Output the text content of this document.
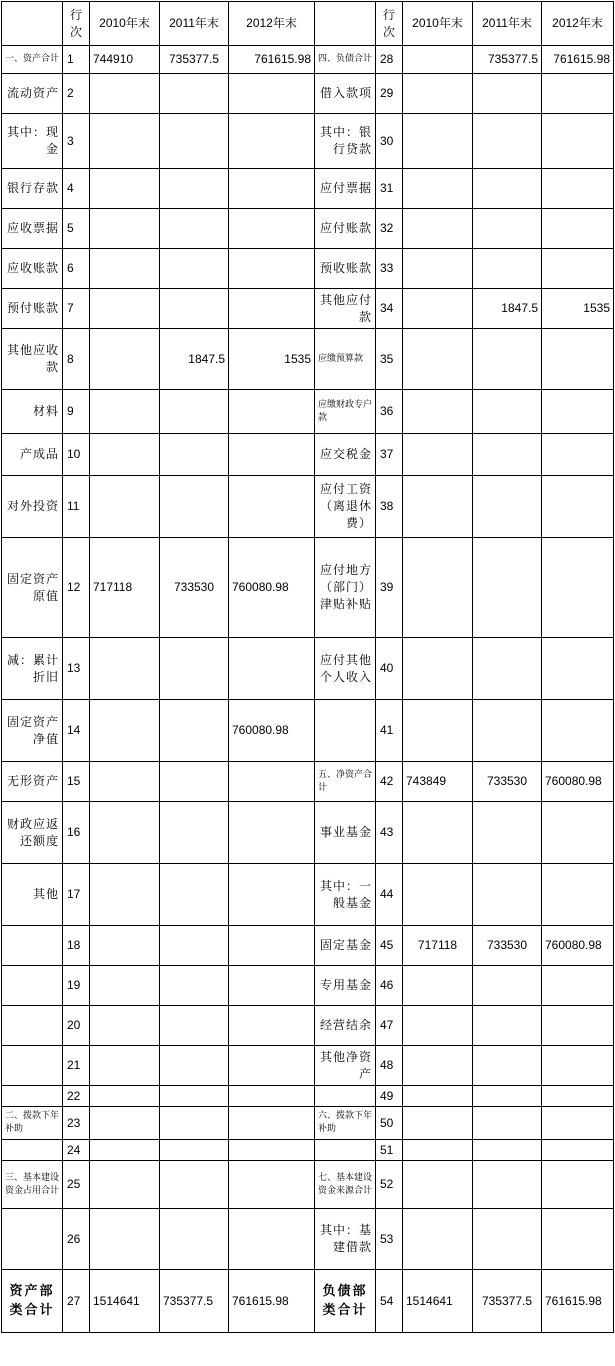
	行次	2010年末	2011年末	2012年末		行次	2010年末	2011年末	2012年末
一、资产合计	1	744910	735377.5	761615.98	四、负债合计	28		735377.5	761615.98
流动资产	2				借入款项	29			
其中：现金	3				其中：银行贷款	30			
银行存款	4				应付票据	31			
应收票据	5				应付账款	32			
应收账款	6				预收账款	33			
预付账款	7				其他应付款	34		1847.5	1535
其他应收款	8		1847.5	1535	应缴预算款	35			
材料	9				应缴财政专户款	36			
产成品	10				应交税金	37			
对外投资	11				应付工资（离退休费）	38			
固定资产原值	12	717118	733530	760080.98	应付地方（部门）津贴补贴	39			
减：累计折旧	13				应付其他个人收入	40			
固定资产净值	14			760080.98		41			
无形资产	15				五、净资产合计	42	743849	733530	760080.98
财政应返还额度	16				事业基金	43			
其他	17				其中：一般基金	44			
	18				固定基金	45	717118	733530	760080.98
	19				专用基金	46			
	20				经营结余	47			
	21				其他净资产	48			
	22					49			
二、拨款下年补助	23				六、拨款下年补助	50			
	24					51			
三、基本建设资金占用合计	25				七、基本建设资金来源合计	52			
	26				其中：基建借款	53			
资产部类合计	27	1514641	735377.5	761615.98	负债部类合计	54	1514641	735377.5	761615.98
